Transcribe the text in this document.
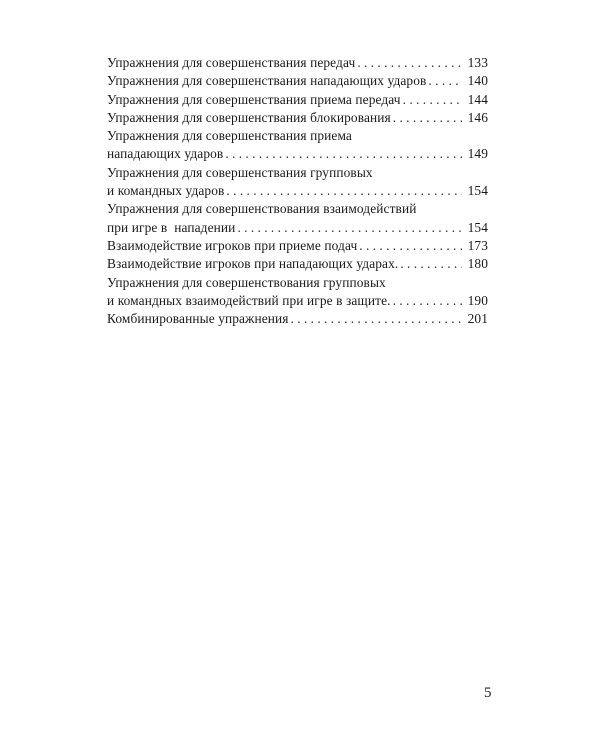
Упражнения для совершенствания передач . . .	133
Упражнения для совершенствания нападающих ударов . . .	140
Упражнения для совершенствания приема передач . . .	144
Упражнения для совершенствания блокирования . . .	146
Упражнения для совершенствания приема
нападающих ударов . . .	149
Упражнения для совершенствания групповых
и командных ударов . . .	154
Упражнения для совершенствования взаимодействий
при игре в  нападении . . .	154
Взаимодействие игроков при приеме подач . . .	173
Взаимодействие игроков при нападающих ударах. . . .	180
Упражнения для совершенствования групповых
и командных взаимодействий при игре в защите. . . .	190
Комбинированные упражнения . . .	201
5
